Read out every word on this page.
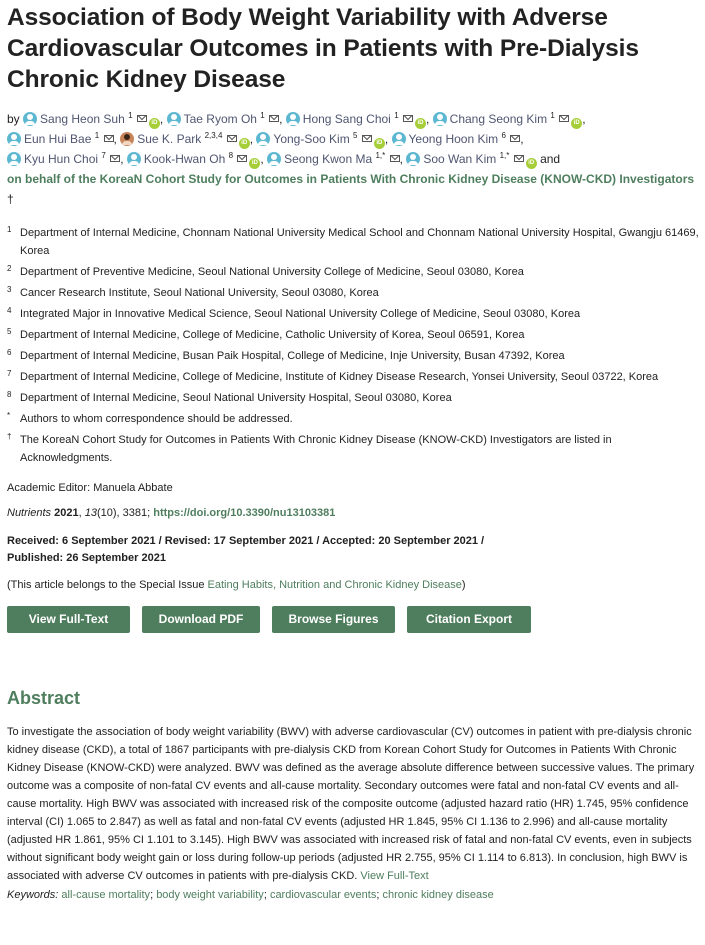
Association of Body Weight Variability with Adverse Cardiovascular Outcomes in Patients with Pre-Dialysis Chronic Kidney Disease
by Sang Heon Suh $^1$ iD , Tae Ryom Oh $^1$ , Hong Sang Choi $^1$ iD , Chang Seong Kim $^1$ iD ,
Eun Hui Bae $^1$ , Sue K. Park $^{2,3,4}$ iD , Yong-Soo Kim $^5$ iD , Yeong Hoon Kim $^6$ ,
Kyu Hun Choi $^7$ , Kook-Hwan Oh $^8$ iD , Seong Kwon Ma $^{1,*}$ , Soo Wan Kim $^{1,*}$ iD and
on behalf of the KoreaN Cohort Study for Outcomes in Patients With Chronic Kidney Disease (KNOW-CKD) Investigators
†
1 Department of Internal Medicine, Chonnam National University Medical School and Chonnam National University Hospital, Gwangju 61469, Korea
2 Department of Preventive Medicine, Seoul National University College of Medicine, Seoul 03080, Korea
3 Cancer Research Institute, Seoul National University, Seoul 03080, Korea
4 Integrated Major in Innovative Medical Science, Seoul National University College of Medicine, Seoul 03080, Korea
5 Department of Internal Medicine, College of Medicine, Catholic University of Korea, Seoul 06591, Korea
6 Department of Internal Medicine, Busan Paik Hospital, College of Medicine, Inje University, Busan 47392, Korea
7 Department of Internal Medicine, College of Medicine, Institute of Kidney Disease Research, Yonsei University, Seoul 03722, Korea
8 Department of Internal Medicine, Seoul National University Hospital, Seoul 03080, Korea
* Authors to whom correspondence should be addressed.
† The KoreaN Cohort Study for Outcomes in Patients With Chronic Kidney Disease (KNOW-CKD) Investigators are listed in Acknowledgments.
Academic Editor: Manuela Abbate
Nutrients 2021, 13(10), 3381; https://doi.org/10.3390/nu13103381
Received: 6 September 2021 / Revised: 17 September 2021 / Accepted: 20 September 2021 /
Published: 26 September 2021
(This article belongs to the Special Issue Eating Habits, Nutrition and Chronic Kidney Disease)
View Full-Text	Download PDF	Browse Figures	Citation Export
Abstract
To investigate the association of body weight variability (BWV) with adverse cardiovascular (CV) outcomes in patient with pre-dialysis chronic kidney disease (CKD), a total of 1867 participants with pre-dialysis CKD from Korean Cohort Study for Outcomes in Patients With Chronic Kidney Disease (KNOW-CKD) were analyzed. BWV was defined as the average absolute difference between successive values. The primary outcome was a composite of non-fatal CV events and all-cause mortality. Secondary outcomes were fatal and non-fatal CV events and all-cause mortality. High BWV was associated with increased risk of the composite outcome (adjusted hazard ratio (HR) 1.745, 95% confidence interval (CI) 1.065 to 2.847) as well as fatal and non-fatal CV events (adjusted HR 1.845, 95% CI 1.136 to 2.996) and all-cause mortality (adjusted HR 1.861, 95% CI 1.101 to 3.145). High BWV was associated with increased risk of fatal and non-fatal CV events, even in subjects without significant body weight gain or loss during follow-up periods (adjusted HR 2.755, 95% CI 1.114 to 6.813). In conclusion, high BWV is associated with adverse CV outcomes in patients with pre-dialysis CKD. View Full-Text
Keywords: all-cause mortality; body weight variability; cardiovascular events; chronic kidney disease
